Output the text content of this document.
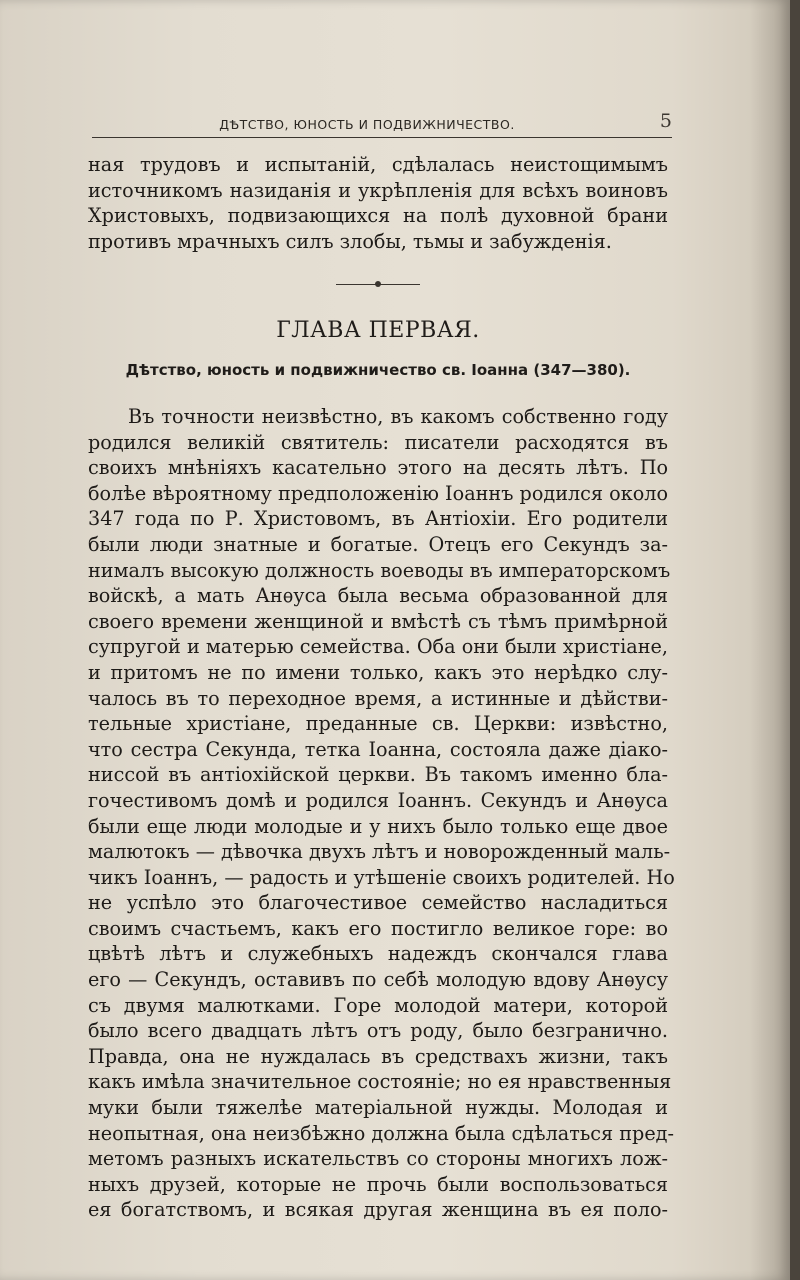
ДѢТСТВО, ЮНОСТЬ И ПОДВИЖНИЧЕСТВО.	5
ная трудовъ и испытаній, сдѣлалась неистощимымъ
источникомъ назиданія и укрѣпленія для всѣхъ воиновъ
Христовыхъ, подвизающихся на полѣ духовной брани
противъ мрачныхъ силъ злобы, тьмы и забужденія.
ГЛАВА ПЕРВАЯ.
Дѣтство, юность и подвижничество св. Іоанна (347—380).
Въ точности неизвѣстно, въ какомъ собственно году
родился великій святитель: писатели расходятся въ
своихъ мнѣніяхъ касательно этого на десять лѣтъ. По
болѣе вѣроятному предположенію Іоаннъ родился около
347 года по Р. Христовомъ, въ Антіохіи. Его родители
были люди знатные и богатые. Отецъ его Секундъ за-
нималъ высокую должность воеводы въ императорскомъ
войскѣ, а мать Анѳуса была весьма образованной для
своего времени женщиной и вмѣстѣ съ тѣмъ примѣрной
супругой и матерью семейства. Оба они были христіане,
и притомъ не по имени только, какъ это нерѣдко слу-
чалось въ то переходное время, а истинные и дѣйстви-
тельные христіане, преданные св. Церкви: извѣстно,
что сестра Секунда, тетка Іоанна, состояла даже діако-
ниссой въ антіохійской церкви. Въ такомъ именно бла-
гочестивомъ домѣ и родился Іоаннъ. Секундъ и Анѳуса
были еще люди молодые и у нихъ было только еще двое
малютокъ — дѣвочка двухъ лѣтъ и новорожденный маль-
чикъ Іоаннъ, — радость и утѣшеніе своихъ родителей. Но
не успѣло это благочестивое семейство насладиться
своимъ счастьемъ, какъ его постигло великое горе: во
цвѣтѣ лѣтъ и служебныхъ надеждъ скончался глава
его — Секундъ, оставивъ по себѣ молодую вдову Анѳусу
съ двумя малютками. Горе молодой матери, которой
было всего двадцать лѣтъ отъ роду, было безгранично.
Правда, она не нуждалась въ средствахъ жизни, такъ
какъ имѣла значительное состояніе; но ея нравственныя
муки были тяжелѣе матеріальной нужды. Молодая и
неопытная, она неизбѣжно должна была сдѣлаться пред-
метомъ разныхъ искательствъ со стороны многихъ лож-
ныхъ друзей, которые не прочь были воспользоваться
ея богатствомъ, и всякая другая женщина въ ея поло-
